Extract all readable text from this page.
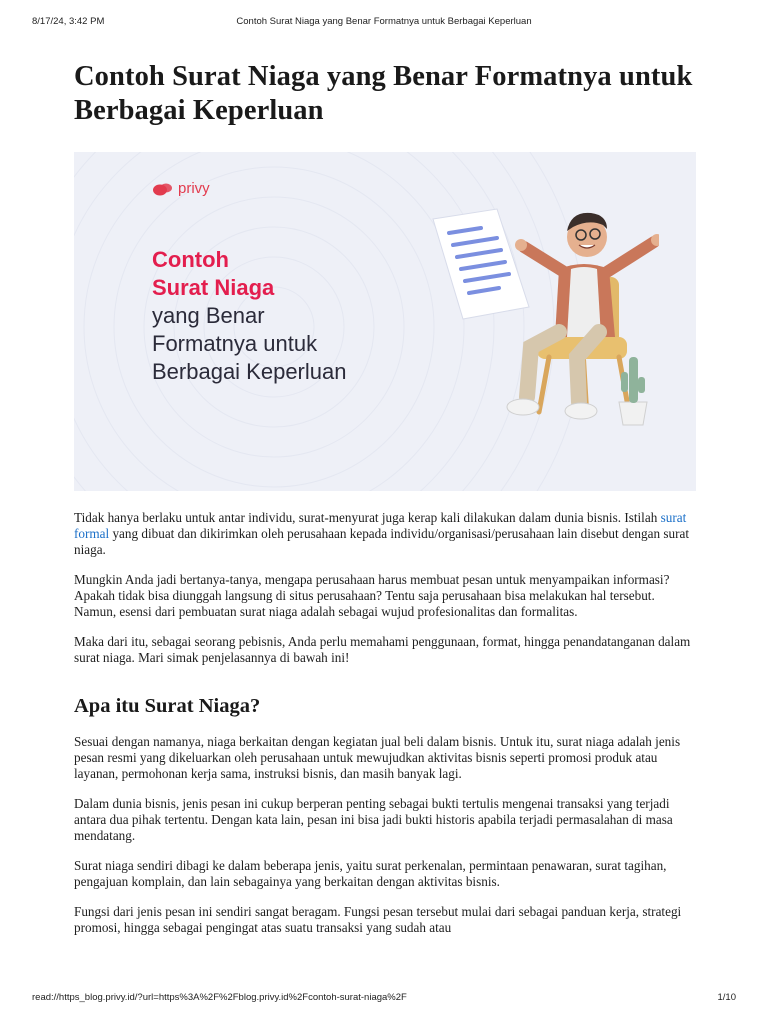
8/17/24, 3:42 PM	Contoh Surat Niaga yang Benar Formatnya untuk Berbagai Keperluan
Contoh Surat Niaga yang Benar Formatnya untuk Berbagai Keperluan
privy
Contoh
Surat Niaga
yang Benar
Formatnya untuk
Berbagai Keperluan

Tidak hanya berlaku untuk antar individu, surat-menyurat juga kerap kali dilakukan dalam dunia bisnis. Istilah surat formal yang dibuat dan dikirimkan oleh perusahaan kepada individu/organisasi/perusahaan lain disebut dengan surat niaga.

Mungkin Anda jadi bertanya-tanya, mengapa perusahaan harus membuat pesan untuk menyampaikan informasi? Apakah tidak bisa diunggah langsung di situs perusahaan? Tentu saja perusahaan bisa melakukan hal tersebut. Namun, esensi dari pembuatan surat niaga adalah sebagai wujud profesionalitas dan formalitas.

Maka dari itu, sebagai seorang pebisnis, Anda perlu memahami penggunaan, format, hingga penandatanganan dalam surat niaga. Mari simak penjelasannya di bawah ini!

Apa itu Surat Niaga?

Sesuai dengan namanya, niaga berkaitan dengan kegiatan jual beli dalam bisnis. Untuk itu, surat niaga adalah jenis pesan resmi yang dikeluarkan oleh perusahaan untuk mewujudkan aktivitas bisnis seperti promosi produk atau layanan, permohonan kerja sama, instruksi bisnis, dan masih banyak lagi.

Dalam dunia bisnis, jenis pesan ini cukup berperan penting sebagai bukti tertulis mengenai transaksi yang terjadi antara dua pihak tertentu. Dengan kata lain, pesan ini bisa jadi bukti historis apabila terjadi permasalahan di masa mendatang.

Surat niaga sendiri dibagi ke dalam beberapa jenis, yaitu surat perkenalan, permintaan penawaran, surat tagihan, pengajuan komplain, dan lain sebagainya yang berkaitan dengan aktivitas bisnis.

Fungsi dari jenis pesan ini sendiri sangat beragam. Fungsi pesan tersebut mulai dari sebagai panduan kerja, strategi promosi, hingga sebagai pengingat atas suatu transaksi yang sudah atau

read://https_blog.privy.id/?url=https%3A%2F%2Fblog.privy.id%2Fcontoh-surat-niaga%2F	1/10
